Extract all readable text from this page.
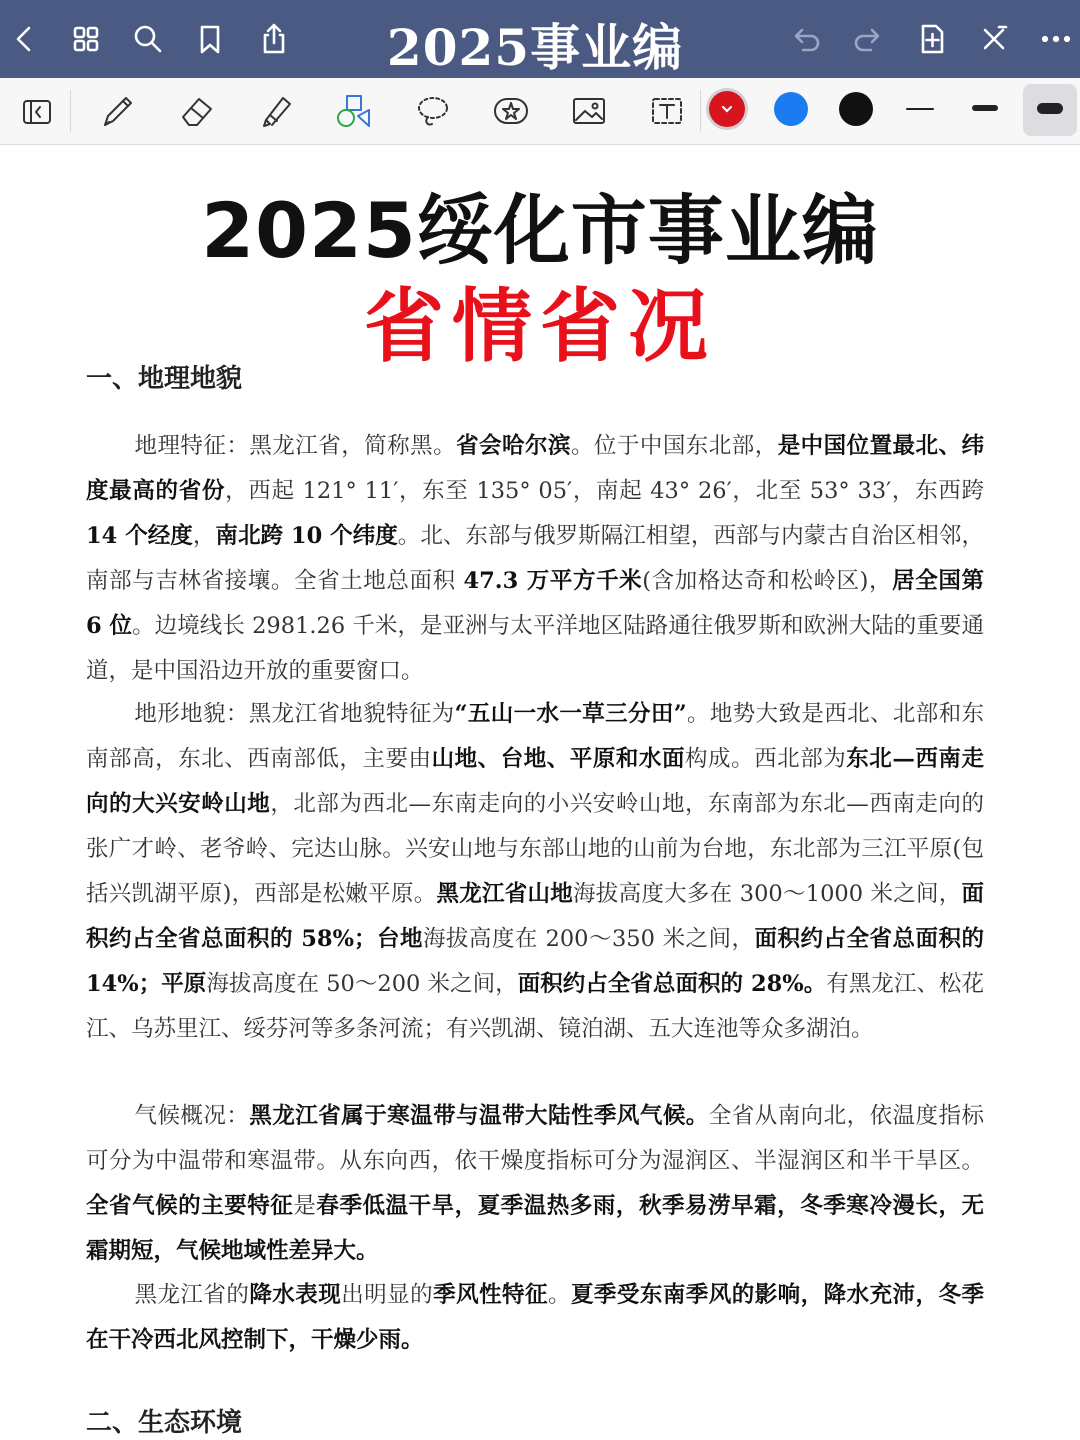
2025事业编
2025绥化市事业编
省情省况
一、地理地貌
地理特征：黑龙江省，简称黑。省会哈尔滨。位于中国东北部，是中国位置最北、纬度最高的省份，西起 121° 11′，东至 135° 05′，南起 43° 26′，北至 53° 33′，东西跨 14 个经度，南北跨 10 个纬度。北、东部与俄罗斯隔江相望，西部与内蒙古自治区相邻，南部与吉林省接壤。全省土地总面积 47.3 万平方千米(含加格达奇和松岭区)，居全国第 6 位。边境线长 2981.26 千米，是亚洲与太平洋地区陆路通往俄罗斯和欧洲大陆的重要通道，是中国沿边开放的重要窗口。
地形地貌：黑龙江省地貌特征为“五山一水一草三分田”。地势大致是西北、北部和东南部高，东北、西南部低，主要由山地、台地、平原和水面构成。西北部为东北—西南走向的大兴安岭山地，北部为西北—东南走向的小兴安岭山地，东南部为东北—西南走向的张广才岭、老爷岭、完达山脉。兴安山地与东部山地的山前为台地，东北部为三江平原(包括兴凯湖平原)，西部是松嫩平原。黑龙江省山地海拔高度大多在 300～1000 米之间，面积约占全省总面积的 58%；台地海拔高度在 200～350 米之间，面积约占全省总面积的 14%；平原海拔高度在 50～200 米之间，面积约占全省总面积的 28%。有黑龙江、松花江、乌苏里江、绥芬河等多条河流；有兴凯湖、镜泊湖、五大连池等众多湖泊。
气候概况：黑龙江省属于寒温带与温带大陆性季风气候。全省从南向北，依温度指标可分为中温带和寒温带。从东向西，依干燥度指标可分为湿润区、半湿润区和半干旱区。全省气候的主要特征是春季低温干旱，夏季温热多雨，秋季易涝早霜，冬季寒冷漫长，无霜期短，气候地域性差异大。
黑龙江省的降水表现出明显的季风性特征。夏季受东南季风的影响，降水充沛，冬季在干冷西北风控制下，干燥少雨。
二、生态环境
